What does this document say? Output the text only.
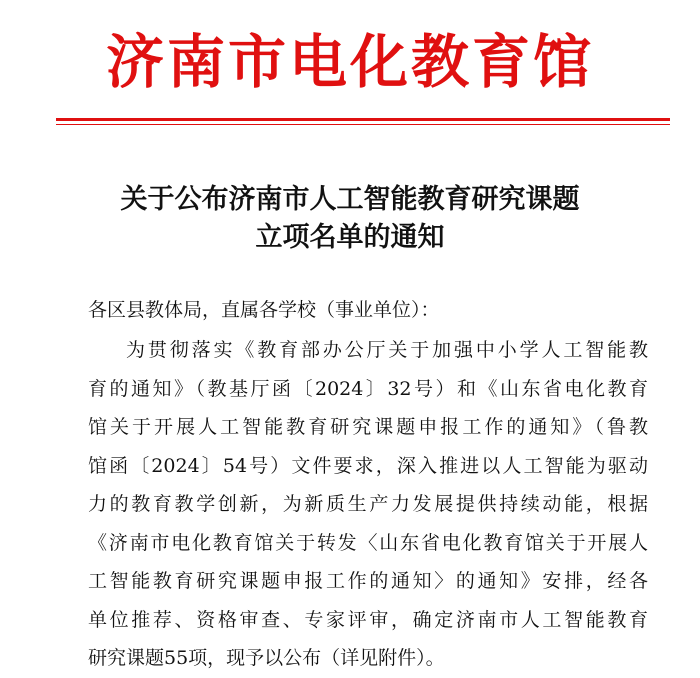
济南市电化教育馆
关于公布济南市人工智能教育研究课题
立项名单的通知
各区县教体局，直属各学校（事业单位）：
为贯彻落实《教育部办公厅关于加强中小学人工智能教
育的通知》（教基厅函〔2024〕32号）和《山东省电化教育
馆关于开展人工智能教育研究课题申报工作的通知》（鲁教
馆函〔2024〕54号）文件要求，深入推进以人工智能为驱动
力的教育教学创新，为新质生产力发展提供持续动能，根据
《济南市电化教育馆关于转发〈山东省电化教育馆关于开展人
工智能教育研究课题申报工作的通知〉的通知》安排，经各
单位推荐、资格审查、专家评审，确定济南市人工智能教育
研究课题55项，现予以公布（详见附件）。
